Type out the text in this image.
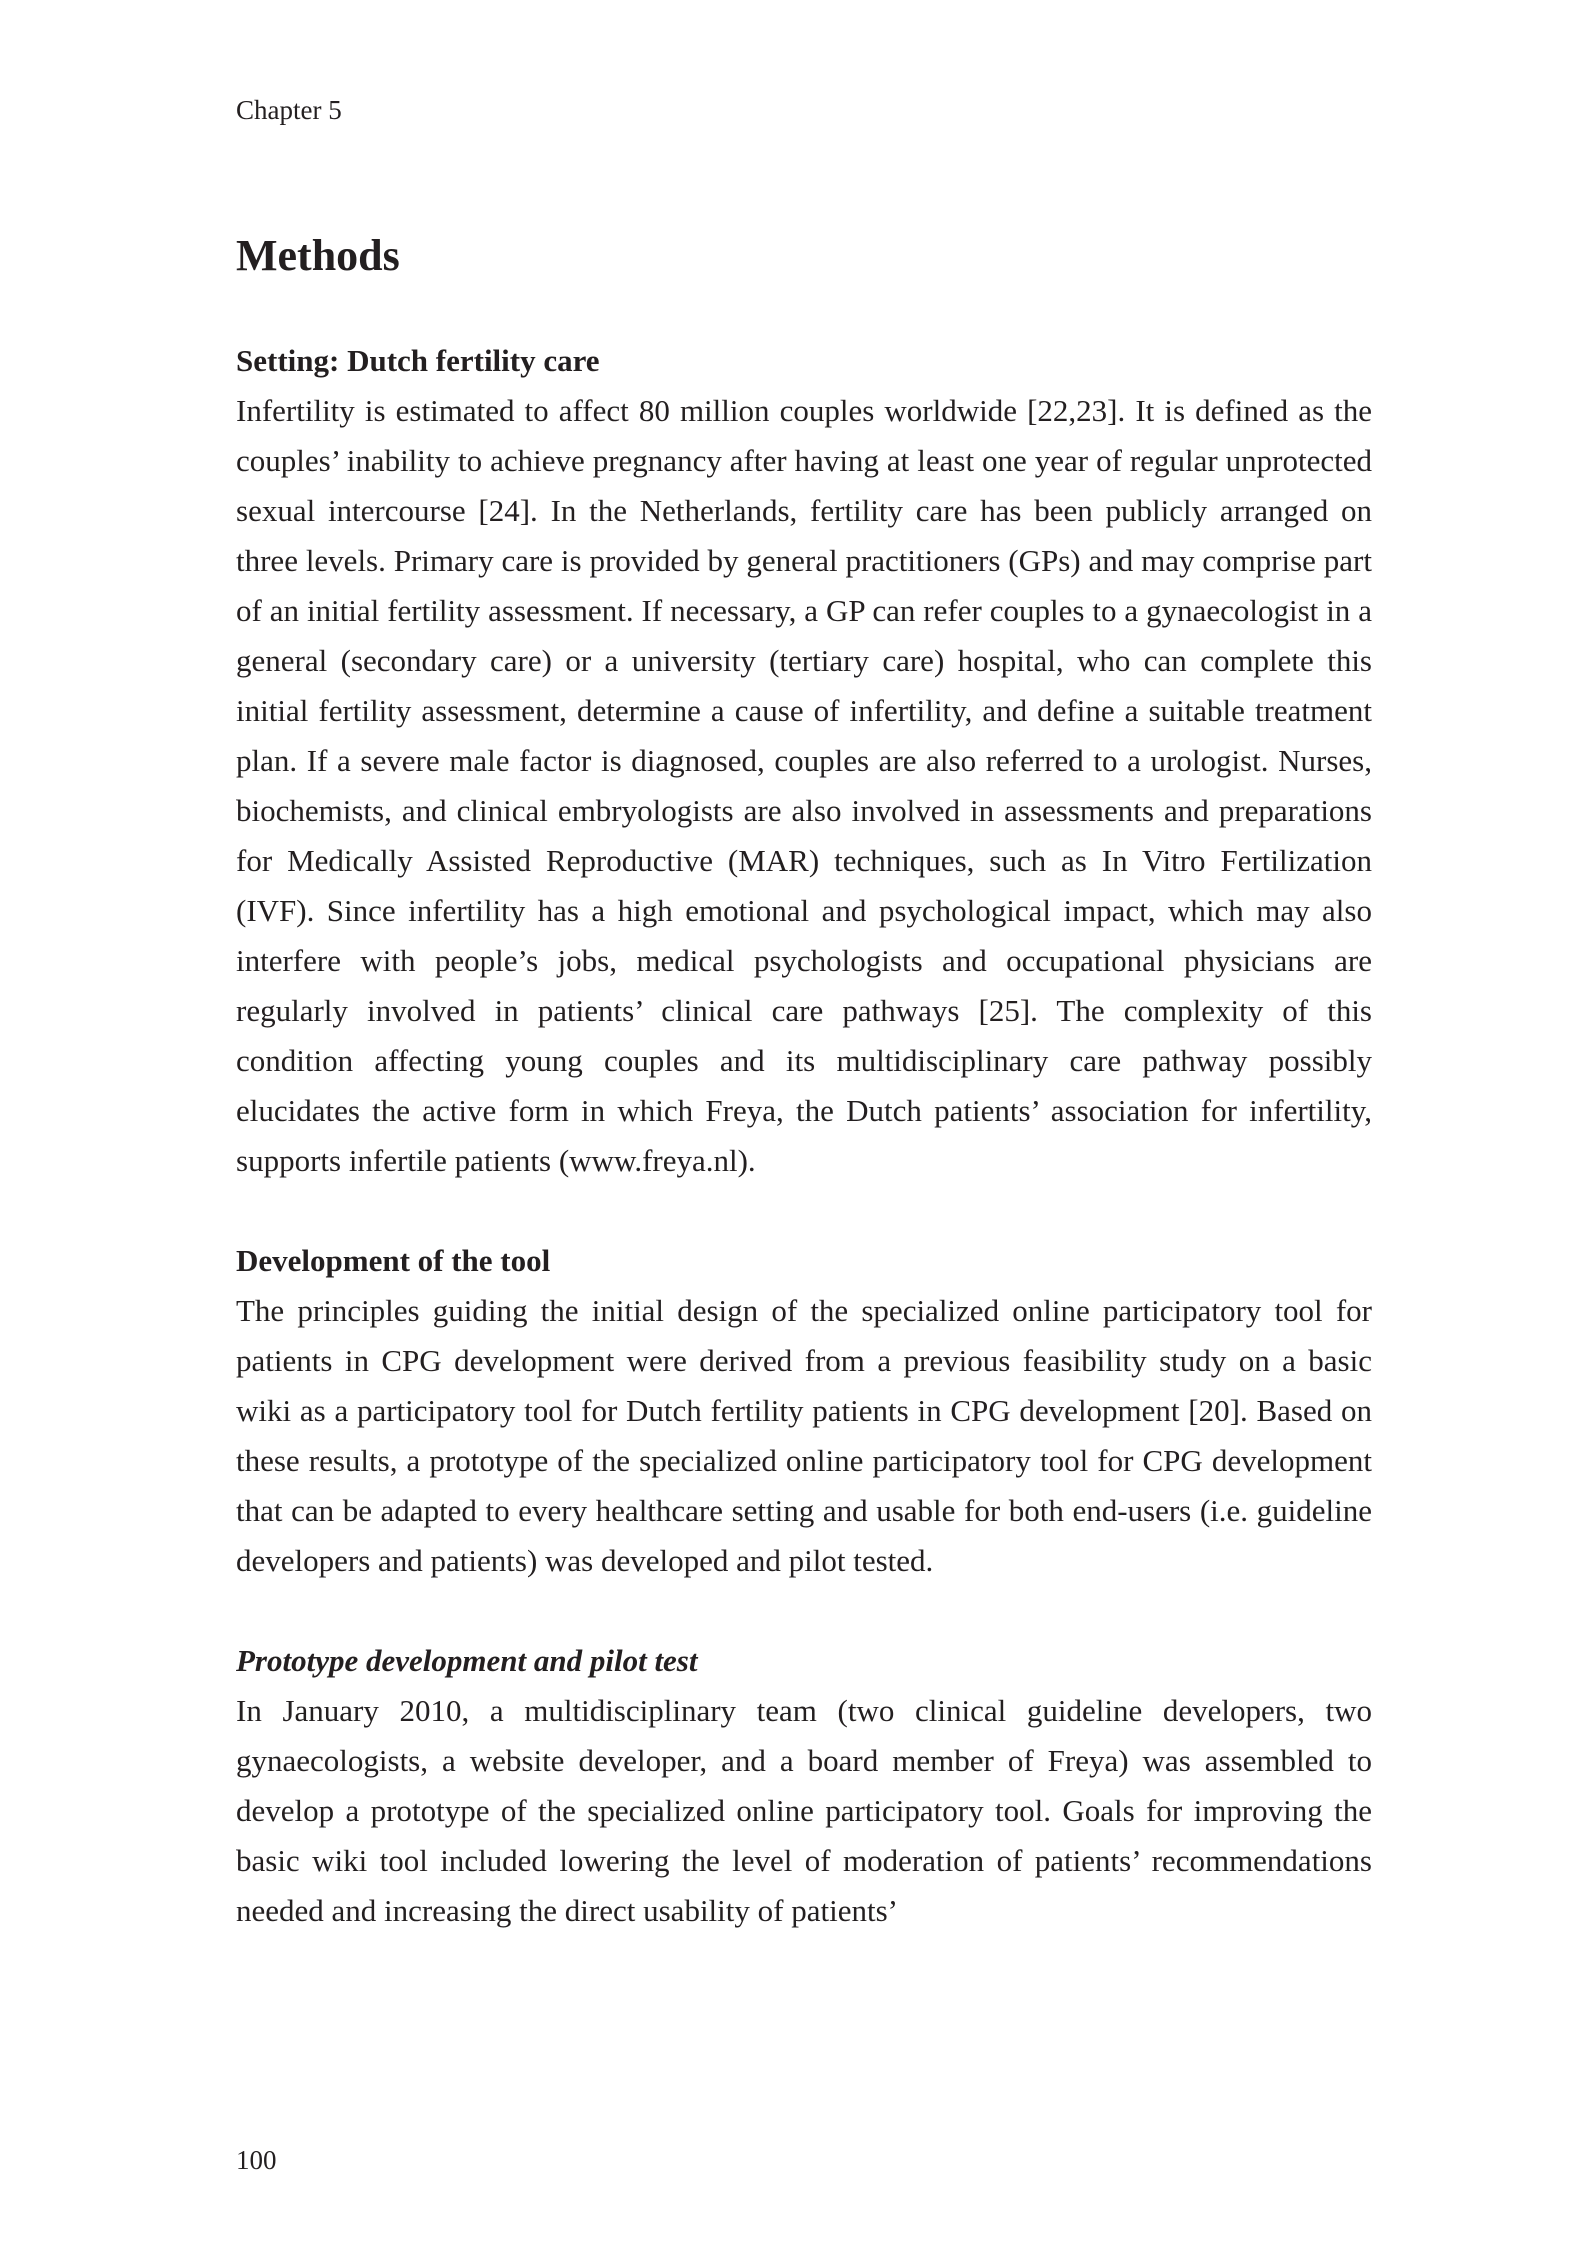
Chapter 5
Methods
Setting: Dutch fertility care

Infertility is estimated to affect 80 million couples worldwide [22,23]. It is defined as the couples’ inability to achieve pregnancy after having at least one year of regular unprotected sexual intercourse [24]. In the Netherlands, fertility care has been publicly arranged on three levels. Primary care is provided by general practitioners (GPs) and may comprise part of an initial fertility assessment. If necessary, a GP can refer couples to a gynaecologist in a general (secondary care) or a university (tertiary care) hospital, who can complete this initial fertility assessment, determine a cause of infertility, and define a suitable treatment plan. If a severe male factor is diagnosed, couples are also referred to a urologist. Nurses, biochemists, and clinical embryologists are also involved in assessments and preparations for Medically Assisted Reproductive (MAR) techniques, such as In Vitro Fertilization (IVF). Since infertility has a high emotional and psychological impact, which may also interfere with people’s jobs, medical psychologists and occupational physicians are regularly involved in patients’ clinical care pathways [25]. The complexity of this condition affecting young couples and its multidisciplinary care pathway possibly elucidates the active form in which Freya, the Dutch patients’ association for infertility, supports infertile patients (www.freya.nl).

Development of the tool

The principles guiding the initial design of the specialized online participatory tool for patients in CPG development were derived from a previous feasibility study on a basic wiki as a participatory tool for Dutch fertility patients in CPG development [20]. Based on these results, a prototype of the specialized online participatory tool for CPG development that can be adapted to every healthcare setting and usable for both end-users (i.e. guideline developers and patients) was developed and pilot tested.

Prototype development and pilot test

In January 2010, a multidisciplinary team (two clinical guideline developers, two gynaecologists, a website developer, and a board member of Freya) was assembled to develop a prototype of the specialized online participatory tool. Goals for improving the basic wiki tool included lowering the level of moderation of patients’ recommendations needed and increasing the direct usability of patients’

100
